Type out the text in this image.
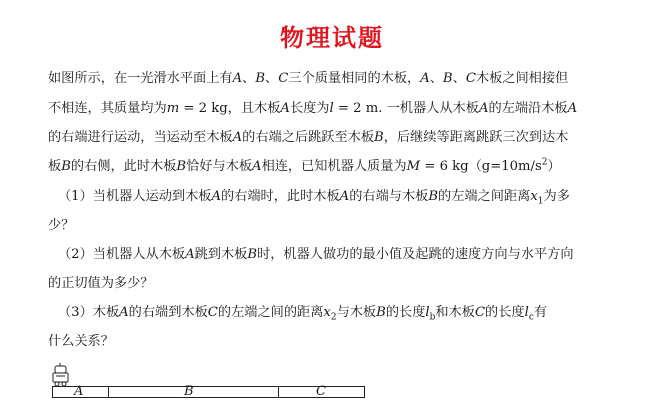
物理试题
如图所示，在一光滑水平面上有A、B、C三个质量相同的木板，A、B、C木板之间相接但
不相连，其质量均为m = 2 kg，且木板A长度为l = 2 m. 一机器人从木板A的左端沿木板A
的右端进行运动，当运动至木板A的右端之后跳跃至木板B，后继续等距离跳跃三次到达木
板B的右侧，此时木板B恰好与木板A相连，已知机器人质量为M = 6 $kg(g=10m/s^2)$
（1）当机器人运动到木板A的右端时，此时木板A的右端与木板B的左端之间距离$x_1$为多
少？
（2）当机器人从木板A跳到木板B时，机器人做功的最小值及起跳的速度方向与水平方向
的正切值为多少？
（3）木板A的右端到木板C的左端之间的距离$x_2$与木板B的长度$l_b$和木板C的长度$l_c$有
什么关系？
A	B	C
